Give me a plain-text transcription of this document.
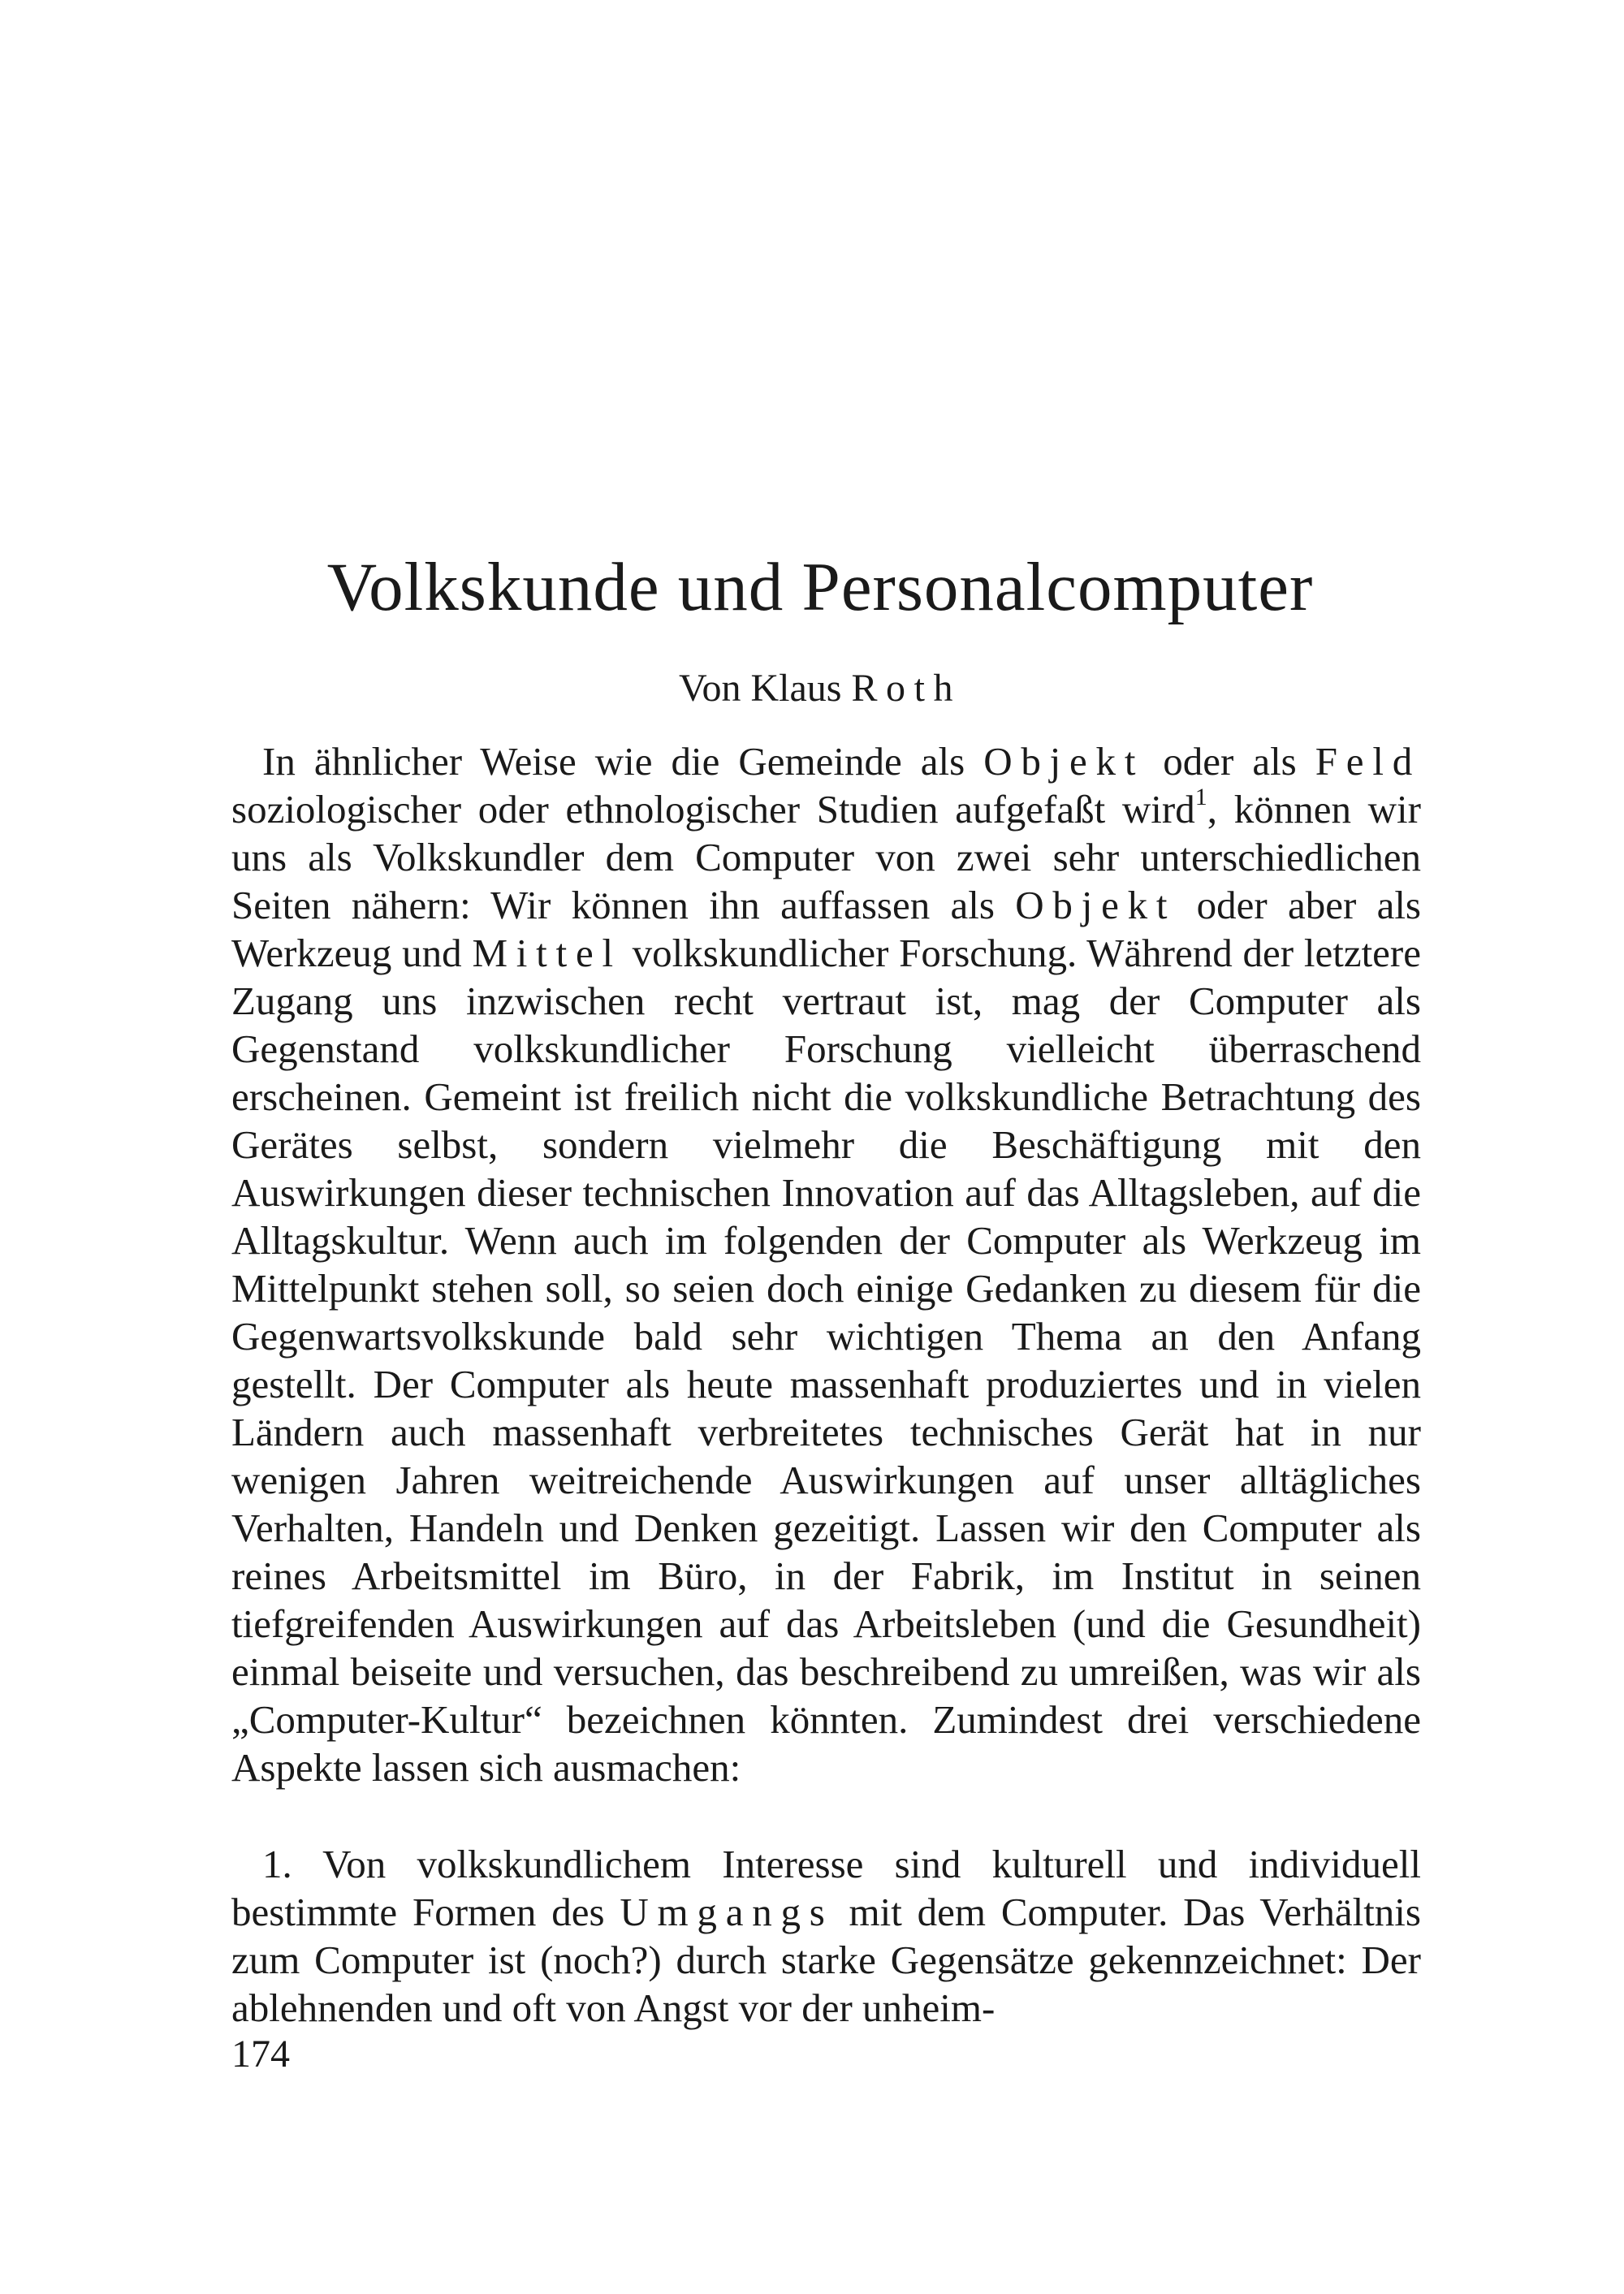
Volkskunde und Personalcomputer
Von Klaus Roth

In ähnlicher Weise wie die Gemeinde als Objekt oder als Feld soziologischer oder ethnologischer Studien aufgefaßt wird$^1$, können wir uns als Volkskundler dem Computer von zwei sehr unterschiedlichen Seiten nähern: Wir können ihn auffassen als Objekt oder aber als Werkzeug und Mittel volkskundlicher Forschung. Während der letztere Zugang uns inzwischen recht vertraut ist, mag der Computer als Gegenstand volkskundlicher Forschung vielleicht überraschend erscheinen. Gemeint ist freilich nicht die volkskundliche Betrachtung des Gerätes selbst, sondern vielmehr die Beschäftigung mit den Auswirkungen dieser technischen Innovation auf das Alltagsleben, auf die Alltagskultur. Wenn auch im folgenden der Computer als Werkzeug im Mittelpunkt stehen soll, so seien doch einige Gedanken zu diesem für die Gegenwartsvolkskunde bald sehr wichtigen Thema an den Anfang gestellt. Der Computer als heute massenhaft produziertes und in vielen Ländern auch massenhaft verbreitetes technisches Gerät hat in nur wenigen Jahren weitreichende Auswirkungen auf unser alltägliches Verhalten, Handeln und Denken gezeitigt. Lassen wir den Computer als reines Arbeitsmittel im Büro, in der Fabrik, im Institut in seinen tiefgreifenden Auswirkungen auf das Arbeitsleben (und die Gesundheit) einmal beiseite und versuchen, das beschreibend zu umreißen, was wir als „Computer-Kultur“ bezeichnen könnten. Zumindest drei verschiedene Aspekte lassen sich ausmachen:

1. Von volkskundlichem Interesse sind kulturell und individuell bestimmte Formen des Umgangs mit dem Computer. Das Verhältnis zum Computer ist (noch?) durch starke Gegensätze gekennzeichnet: Der ablehnenden und oft von Angst vor der unheim-

174
